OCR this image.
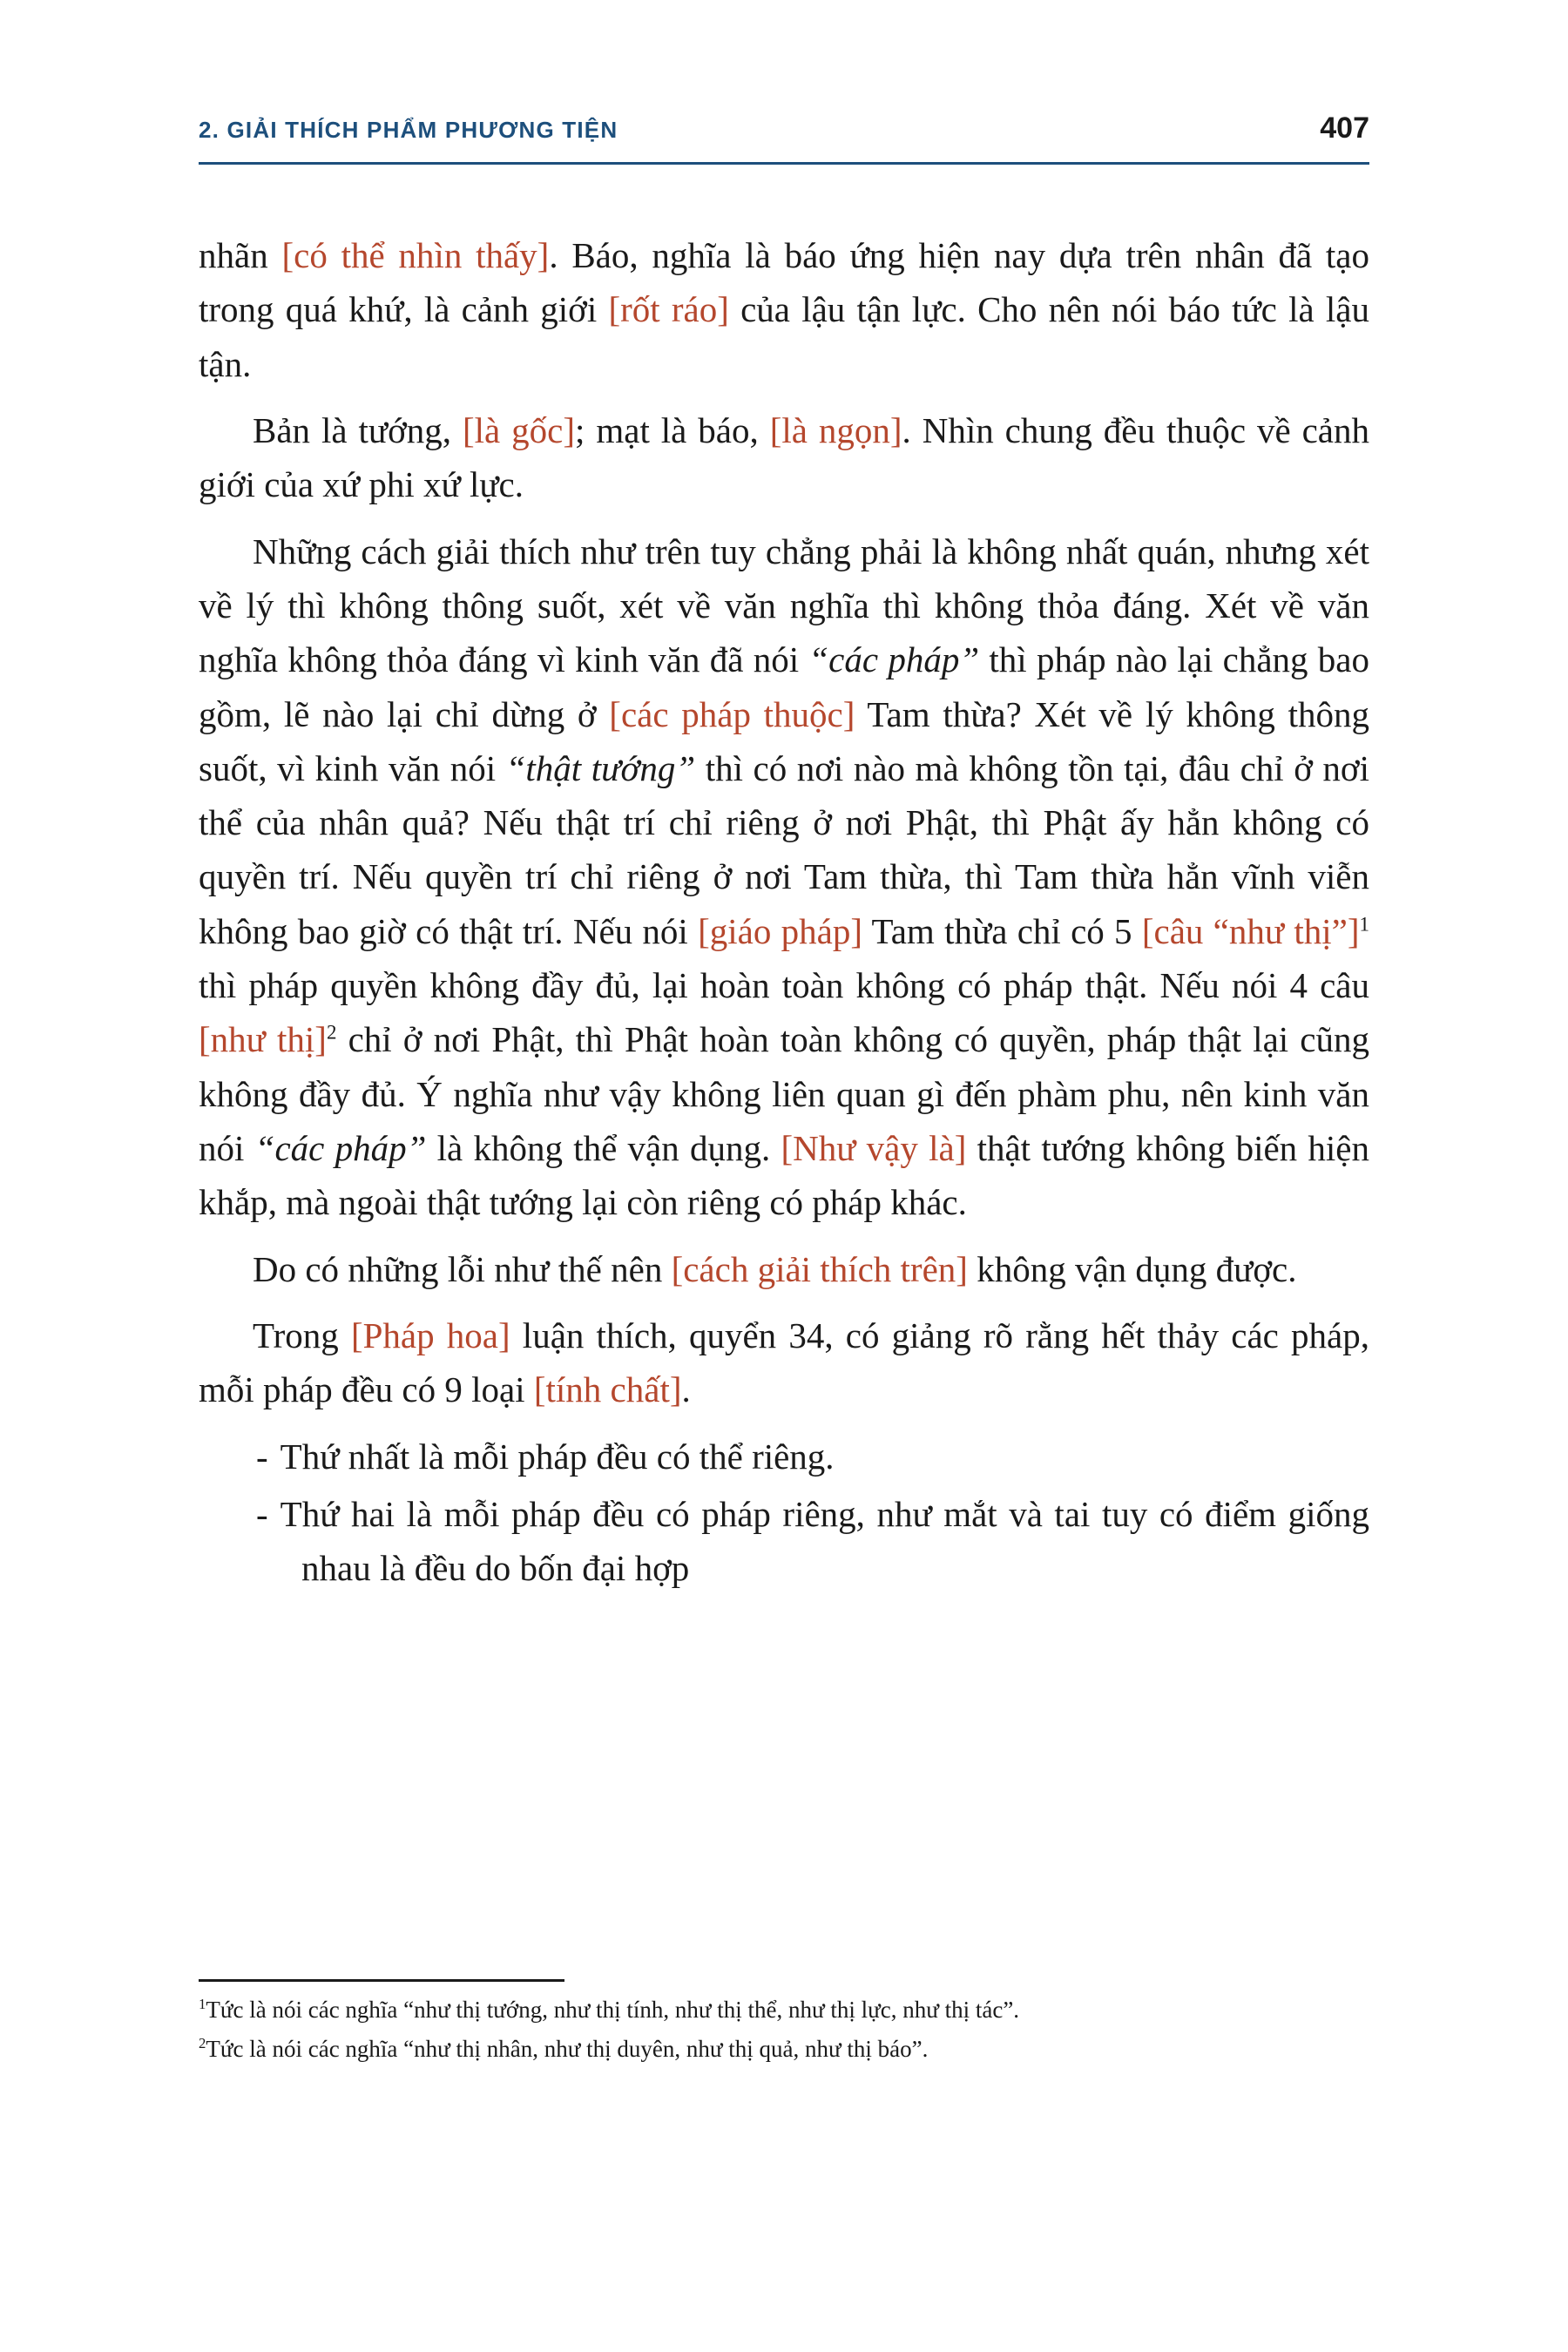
2. GIẢI THÍCH PHẨM PHƯƠNG TIỆN	407

nhãn [có thể nhìn thấy]. Báo, nghĩa là báo ứng hiện nay dựa trên nhân đã tạo trong quá khứ, là cảnh giới [rốt ráo] của lậu tận lực. Cho nên nói báo tức là lậu tận.

Bản là tướng, [là gốc]; mạt là báo, [là ngọn]. Nhìn chung đều thuộc về cảnh giới của xứ phi xứ lực.

Những cách giải thích như trên tuy chẳng phải là không nhất quán, nhưng xét về lý thì không thông suốt, xét về văn nghĩa thì không thỏa đáng. Xét về văn nghĩa không thỏa đáng vì kinh văn đã nói “các pháp” thì pháp nào lại chẳng bao gồm, lẽ nào lại chỉ dừng ở [các pháp thuộc] Tam thừa? Xét về lý không thông suốt, vì kinh văn nói “thật tướng” thì có nơi nào mà không tồn tại, đâu chỉ ở nơi thể của nhân quả? Nếu thật trí chỉ riêng ở nơi Phật, thì Phật ấy hẳn không có quyền trí. Nếu quyền trí chỉ riêng ở nơi Tam thừa, thì Tam thừa hẳn vĩnh viễn không bao giờ có thật trí. Nếu nói [giáo pháp] Tam thừa chỉ có 5 [câu “như thị”]$^1$ thì pháp quyền không đầy đủ, lại hoàn toàn không có pháp thật. Nếu nói 4 câu [như thị]$^2$ chỉ ở nơi Phật, thì Phật hoàn toàn không có quyền, pháp thật lại cũng không đầy đủ. Ý nghĩa như vậy không liên quan gì đến phàm phu, nên kinh văn nói “các pháp” là không thể vận dụng. [Như vậy là] thật tướng không biến hiện khắp, mà ngoài thật tướng lại còn riêng có pháp khác.

Do có những lỗi như thế nên [cách giải thích trên] không vận dụng được.

Trong [Pháp hoa] luận thích, quyển 34, có giảng rõ rằng hết thảy các pháp, mỗi pháp đều có 9 loại [tính chất].

- Thứ nhất là mỗi pháp đều có thể riêng.
- Thứ hai là mỗi pháp đều có pháp riêng, như mắt và tai tuy có điểm giống nhau là đều do bốn đại hợp

$^1$Tức là nói các nghĩa “như thị tướng, như thị tính, như thị thể, như thị lực, như thị tác”.

$^2$Tức là nói các nghĩa “như thị nhân, như thị duyên, như thị quả, như thị báo”.
